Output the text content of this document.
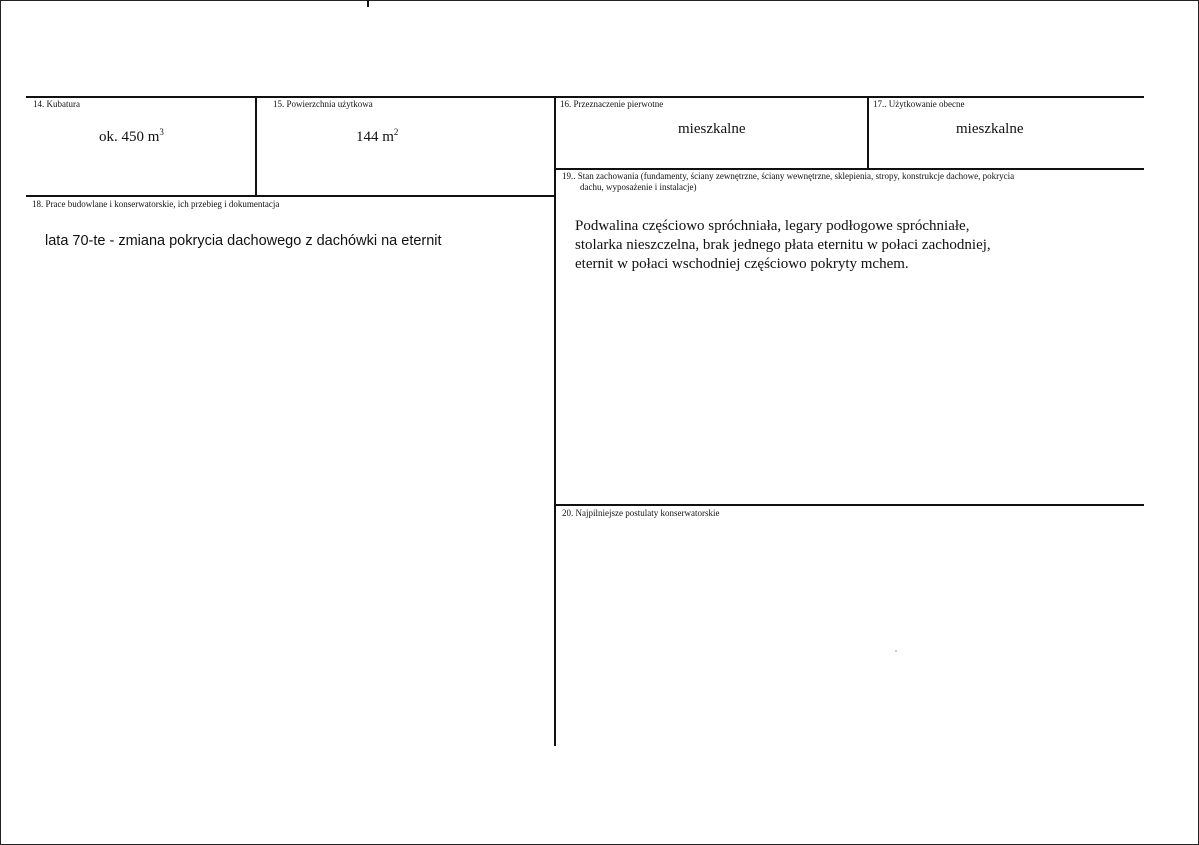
14. Kubatura
ok. 450 $m^3$
15. Powierzchnia użytkowa
144 $m^2$
16. Przeznaczenie pierwotne
mieszkalne
17.. Użytkowanie obecne
mieszkalne
18. Prace budowlane i konserwatorskie, ich przebieg i dokumentacja
lata 70-te - zmiana pokrycia dachowego z dachówki na eternit
19.. Stan zachowania (fundamenty, ściany zewnętrzne, ściany wewnętrzne, sklepienia, stropy, konstrukcje dachowe, pokrycia
dachu, wyposażenie i instalacje)
Podwalina częściowo spróchniała, legary podłogowe spróchniałe,
stolarka nieszczelna, brak jednego płata eternitu w połaci zachodniej,
eternit w połaci wschodniej częściowo pokryty mchem.
20. Najpilniejsze postulaty konserwatorskie
